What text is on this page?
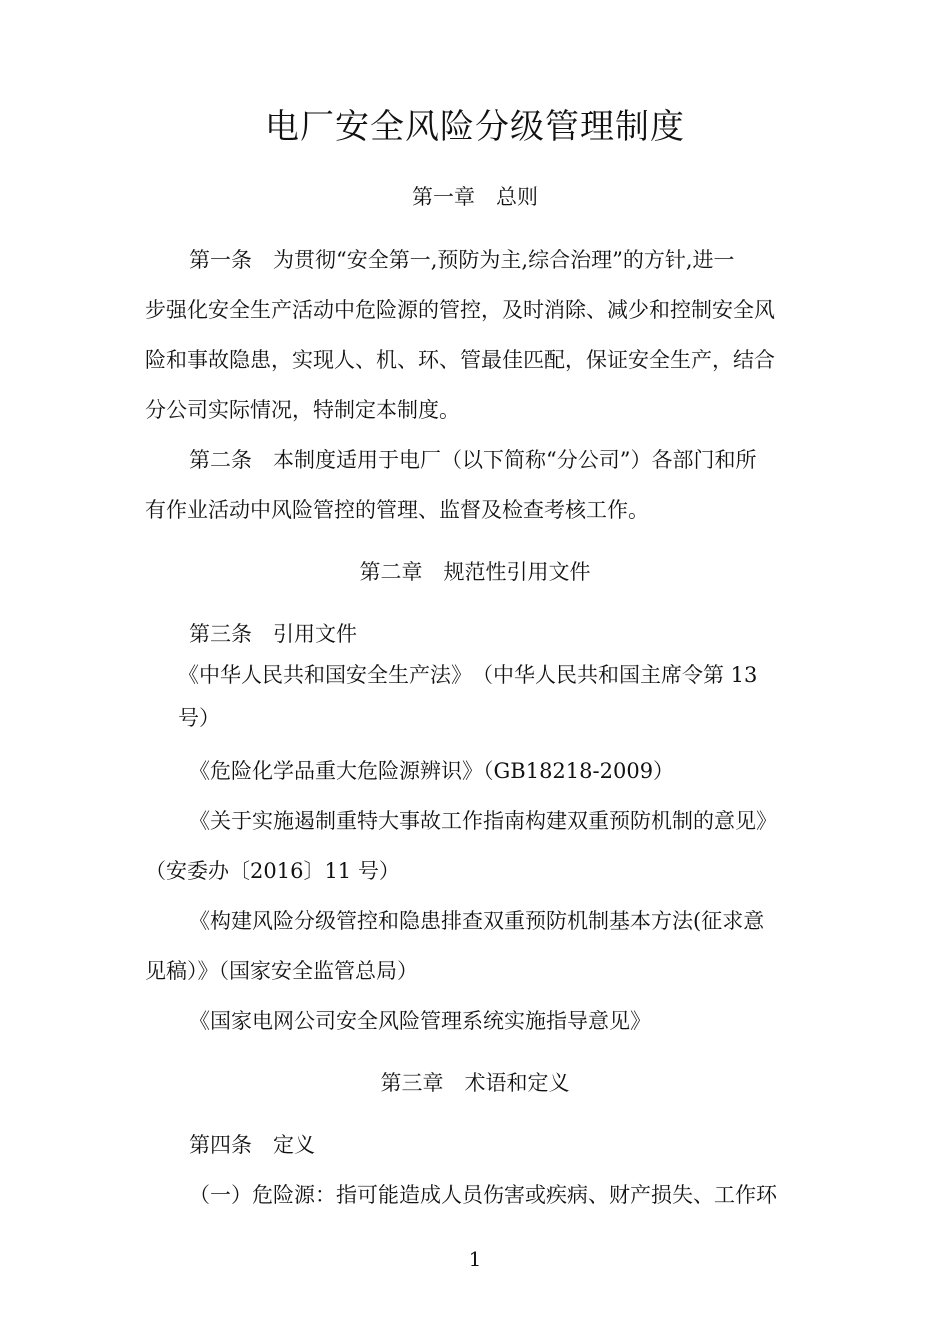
电厂安全风险分级管理制度
第一章 总则
第一条 为贯彻“安全第一,预防为主,综合治理”的方针,进一
步强化安全生产活动中危险源的管控，及时消除、减少和控制安全风
险和事故隐患，实现人、机、环、管最佳匹配，保证安全生产，结合
分公司实际情况，特制定本制度。
第二条 本制度适用于电厂（以下简称“分公司”）各部门和所
有作业活动中风险管控的管理、监督及检查考核工作。
第二章 规范性引用文件
第三条 引用文件
《中华人民共和国安全生产法》　（中华人民共和国主席令第 13
号）
《危险化学品重大危险源辨识》（GB18218-2009）
《关于实施遏制重特大事故工作指南构建双重预防机制的意见》
（安委办〔2016〕11 号）
《构建风险分级管控和隐患排查双重预防机制基本方法(征求意
见稿）》（国家安全监管总局）
《国家电网公司安全风险管理系统实施指导意见》
第三章 术语和定义
第四条 定义
（一）危险源：指可能造成人员伤害或疾病、财产损失、工作环
1
